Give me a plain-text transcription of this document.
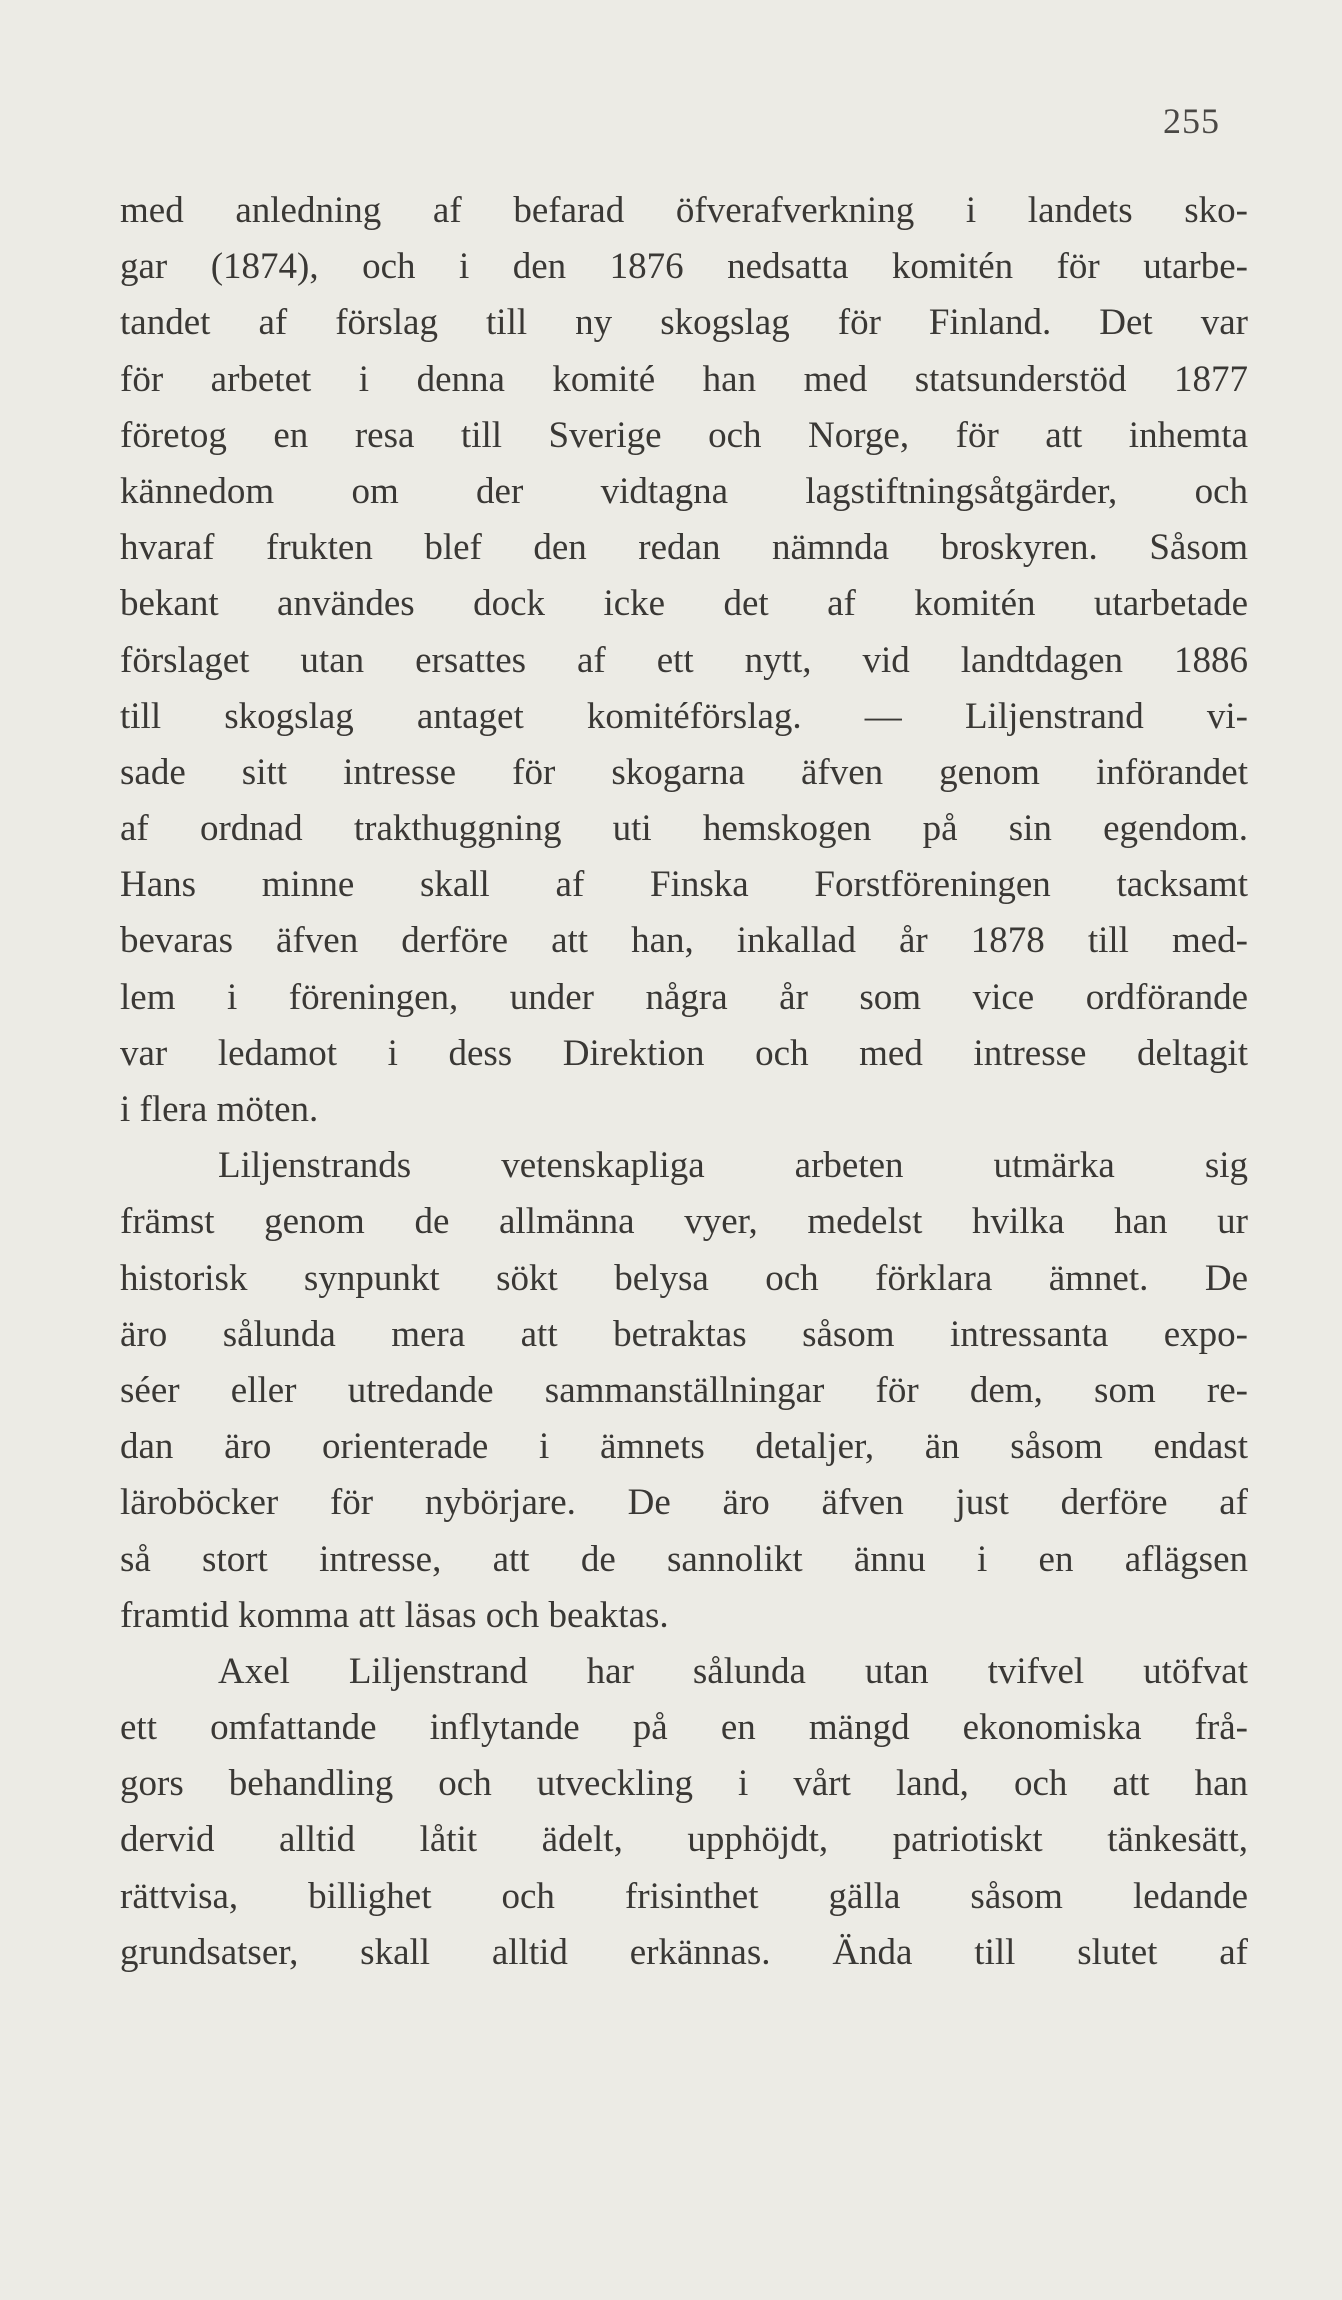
255
med anledning af befarad öfverafverkning i landets sko-
gar (1874), och i den 1876 nedsatta komitén för utarbe-
tandet af förslag till ny skogslag för Finland. Det var
för arbetet i denna komité han med statsunderstöd 1877
företog en resa till Sverige och Norge, för att inhemta
kännedom om der vidtagna lagstiftningsåtgärder, och
hvaraf frukten blef den redan nämnda broskyren. Såsom
bekant användes dock icke det af komitén utarbetade
förslaget utan ersattes af ett nytt, vid landtdagen 1886
till skogslag antaget komitéförslag. — Liljenstrand vi-
sade sitt intresse för skogarna äfven genom införandet
af ordnad trakthuggning uti hemskogen på sin egendom.
Hans minne skall af Finska Forstföreningen tacksamt
bevaras äfven derföre att han, inkallad år 1878 till med-
lem i föreningen, under några år som vice ordförande
var ledamot i dess Direktion och med intresse deltagit
i flera möten.
Liljenstrands vetenskapliga arbeten utmärka sig
främst genom de allmänna vyer, medelst hvilka han ur
historisk synpunkt sökt belysa och förklara ämnet. De
äro sålunda mera att betraktas såsom intressanta expo-
séer eller utredande sammanställningar för dem, som re-
dan äro orienterade i ämnets detaljer, än såsom endast
läroböcker för nybörjare. De äro äfven just derföre af
så stort intresse, att de sannolikt ännu i en aflägsen
framtid komma att läsas och beaktas.
Axel Liljenstrand har sålunda utan tvifvel utöfvat
ett omfattande inflytande på en mängd ekonomiska frå-
gors behandling och utveckling i vårt land, och att han
dervid alltid låtit ädelt, upphöjdt, patriotiskt tänkesätt,
rättvisa, billighet och frisinthet gälla såsom ledande
grundsatser, skall alltid erkännas. Ända till slutet af
